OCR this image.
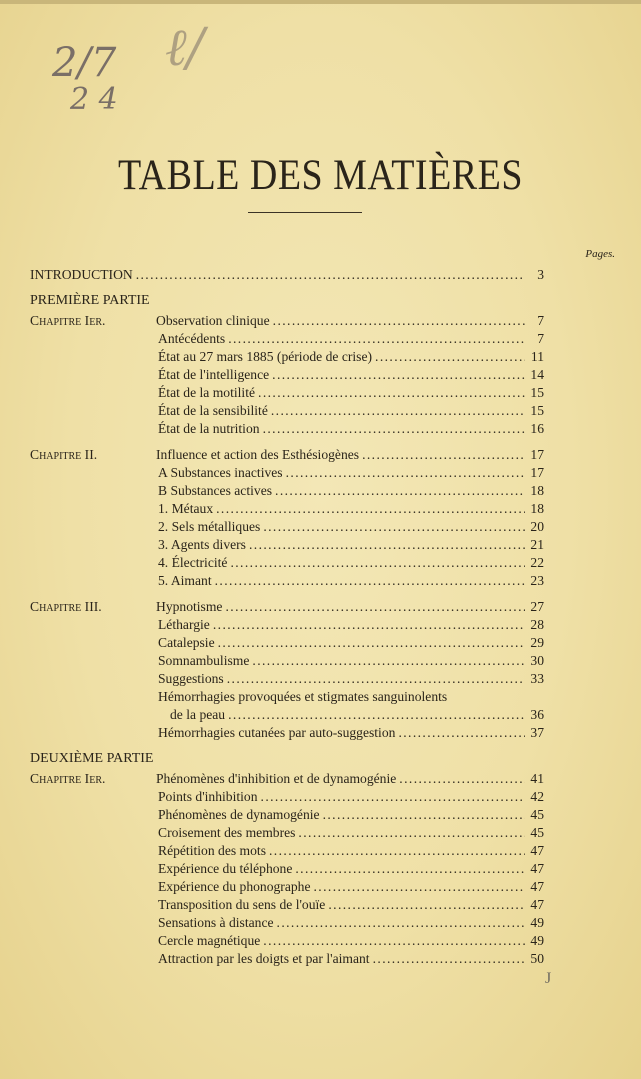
2/7
2 4
ℓ/
TABLE DES MATIÈRES
Pages.
INTRODUCTION . . .	3
PREMIÈRE PARTIE
Chapitre Ier.	Observation clinique . . .	7
Antécédents . . .	7
État au 27 mars 1885 (période de crise) . . .	11
État de l'intelligence . . .	14
État de la motilité . . .	15
État de la sensibilité . . .	15
État de la nutrition . . .	16
Chapitre II.	Influence et action des Esthésiogènes . . .	17
A Substances inactives . . .	17
B Substances actives . . .	18
1. Métaux . . .	18
2. Sels métalliques . . .	20
3. Agents divers . . .	21
4. Électricité . . .	22
5. Aimant . . .	23
Chapitre III.	Hypnotisme . . .	27
Léthargie . . .	28
Catalepsie . . .	29
Somnambulisme . . .	30
Suggestions . . .	33
Hémorrhagies provoquées et stigmates sanguinolents
de la peau . . .	36
Hémorrhagies cutanées par auto-suggestion . . .	37
DEUXIÈME PARTIE
Chapitre Ier.	Phénomènes d'inhibition et de dynamogénie . . .	41
Points d'inhibition . . .	42
Phénomènes de dynamogénie . . .	45
Croisement des membres . . .	45
Répétition des mots . . .	47
Expérience du téléphone . . .	47
Expérience du phonographe . . .	47
Transposition du sens de l'ouïe . . .	47
Sensations à distance . . .	49
Cercle magnétique . . .	49
Attraction par les doigts et par l'aimant . . .	50
J
